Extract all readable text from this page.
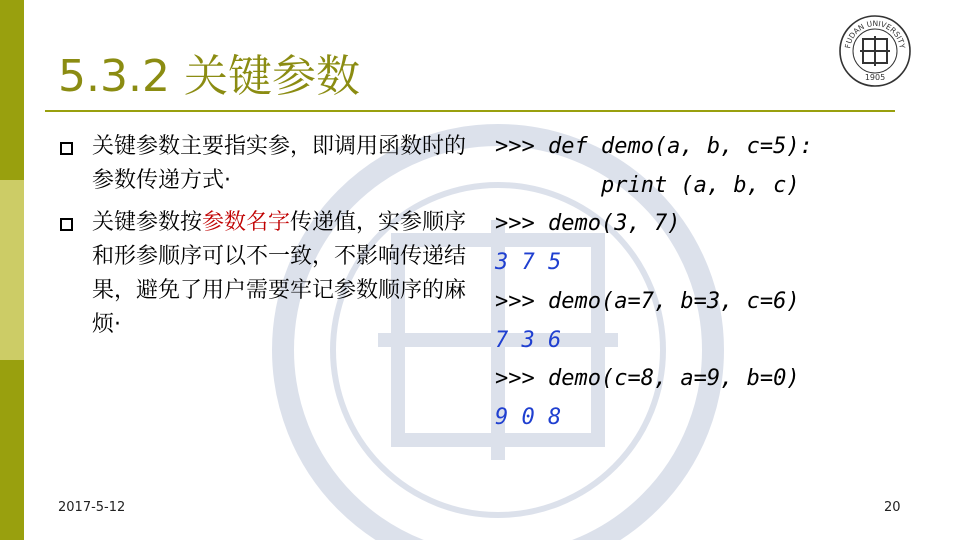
5.3.2 关键参数
FUDAN UNIVERSITY
1905
关键参数主要指实参，即调用函数时的参数传递方式·
关键参数按参数名字传递值，实参顺序和形参顺序可以不一致，不影响传递结果，避免了用户需要牢记参数顺序的麻烦·
>>> def demo(a, b, c=5):
print (a, b, c)
>>> demo(3, 7)
3 7 5
>>> demo(a=7, b=3, c=6)
7 3 6
>>> demo(c=8, a=9, b=0)
9 0 8
2017-5-12	20
